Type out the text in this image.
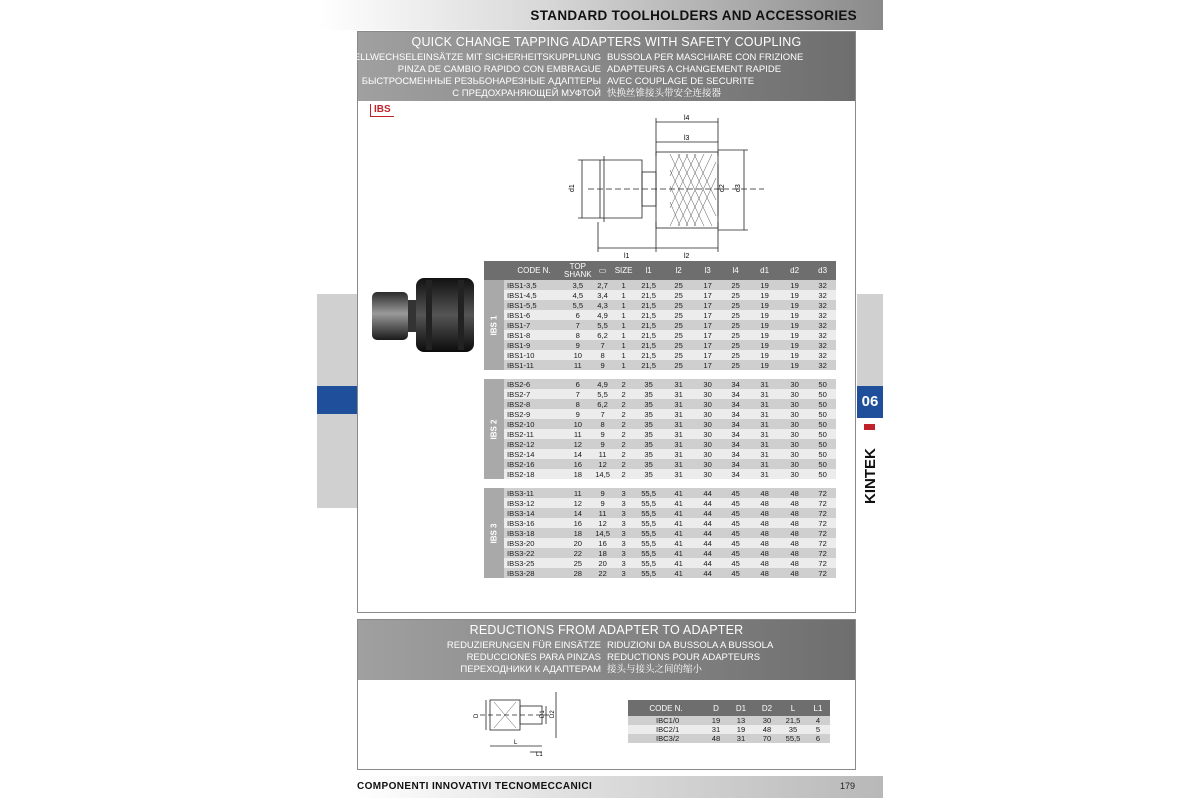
STANDARD TOOLHOLDERS AND ACCESSORIES
06
KINTEK
QUICK CHANGE TAPPING ADAPTERS WITH SAFETY COUPLING
SCHNELLWECHSELEINSÄTZE MIT SICHERHEITSKUPPLUNG
PINZA DE CAMBIO RAPIDO CON EMBRAGUE
БЫСТРОСМЕННЫЕ РЕЗЬБОНАРЕЗНЫЕ АДАПТЕРЫ
С ПРЕДОХРАНЯЮЩЕЙ МУФТОЙ
BUSSOLA PER MASCHIARE CON FRIZIONE
ADAPTEURS A CHANGEMENT RAPIDE
AVEC COUPLAGE DE SECURITE
快换丝锥接头带安全连接器
IBS
l4
l3
l1	l2
d1	d2 d3
	CODE N.	TOP SHANK	▭	SIZE	l1	l2	l3	l4	d1	d2	d3
IBS 1	IBS1-3,5	3,5	2,7	1	21,5	25	17	25	19	19	32
	IBS1-4,5	4,5	3,4	1	21,5	25	17	25	19	19	32
	IBS1-5,5	5,5	4,3	1	21,5	25	17	25	19	19	32
	IBS1-6	6	4,9	1	21,5	25	17	25	19	19	32
	IBS1-7	7	5,5	1	21,5	25	17	25	19	19	32
	IBS1-8	8	6,2	1	21,5	25	17	25	19	19	32
	IBS1-9	9	7	1	21,5	25	17	25	19	19	32
	IBS1-10	10	8	1	21,5	25	17	25	19	19	32
	IBS1-11	11	9	1	21,5	25	17	25	19	19	32

IBS 2	IBS2-6	6	4,9	2	35	31	30	34	31	30	50
	IBS2-7	7	5,5	2	35	31	30	34	31	30	50
	IBS2-8	8	6,2	2	35	31	30	34	31	30	50
	IBS2-9	9	7	2	35	31	30	34	31	30	50
	IBS2-10	10	8	2	35	31	30	34	31	30	50
	IBS2-11	11	9	2	35	31	30	34	31	30	50
	IBS2-12	12	9	2	35	31	30	34	31	30	50
	IBS2-14	14	11	2	35	31	30	34	31	30	50
	IBS2-16	16	12	2	35	31	30	34	31	30	50
	IBS2-18	18	14,5	2	35	31	30	34	31	30	50

IBS 3	IBS3-11	11	9	3	55,5	41	44	45	48	48	72
	IBS3-12	12	9	3	55,5	41	44	45	48	48	72
	IBS3-14	14	11	3	55,5	41	44	45	48	48	72
	IBS3-16	16	12	3	55,5	41	44	45	48	48	72
	IBS3-18	18	14,5	3	55,5	41	44	45	48	48	72
	IBS3-20	20	16	3	55,5	41	44	45	48	48	72
	IBS3-22	22	18	3	55,5	41	44	45	48	48	72
	IBS3-25	25	20	3	55,5	41	44	45	48	48	72
	IBS3-28	28	22	3	55,5	41	44	45	48	48	72
REDUCTIONS FROM ADAPTER TO ADAPTER
REDUZIERUNGEN FÜR EINSÄTZE
REDUCCIONES PARA PINZAS
ПЕРЕХОДНИКИ К АДАПТЕРАМ
RIDUZIONI DA BUSSOLA A BUSSOLA
REDUCTIONS POUR ADAPTEURS
接头与接头之间的缩小
D	D1 D2
L
L1
CODE N.	D	D1	D2	L	L1
IBC1/0	19	13	30	21,5	4
IBC2/1	31	19	48	35	5
IBC3/2	48	31	70	55,5	6
COMPONENTI INNOVATIVI TECNOMECCANICI	179
